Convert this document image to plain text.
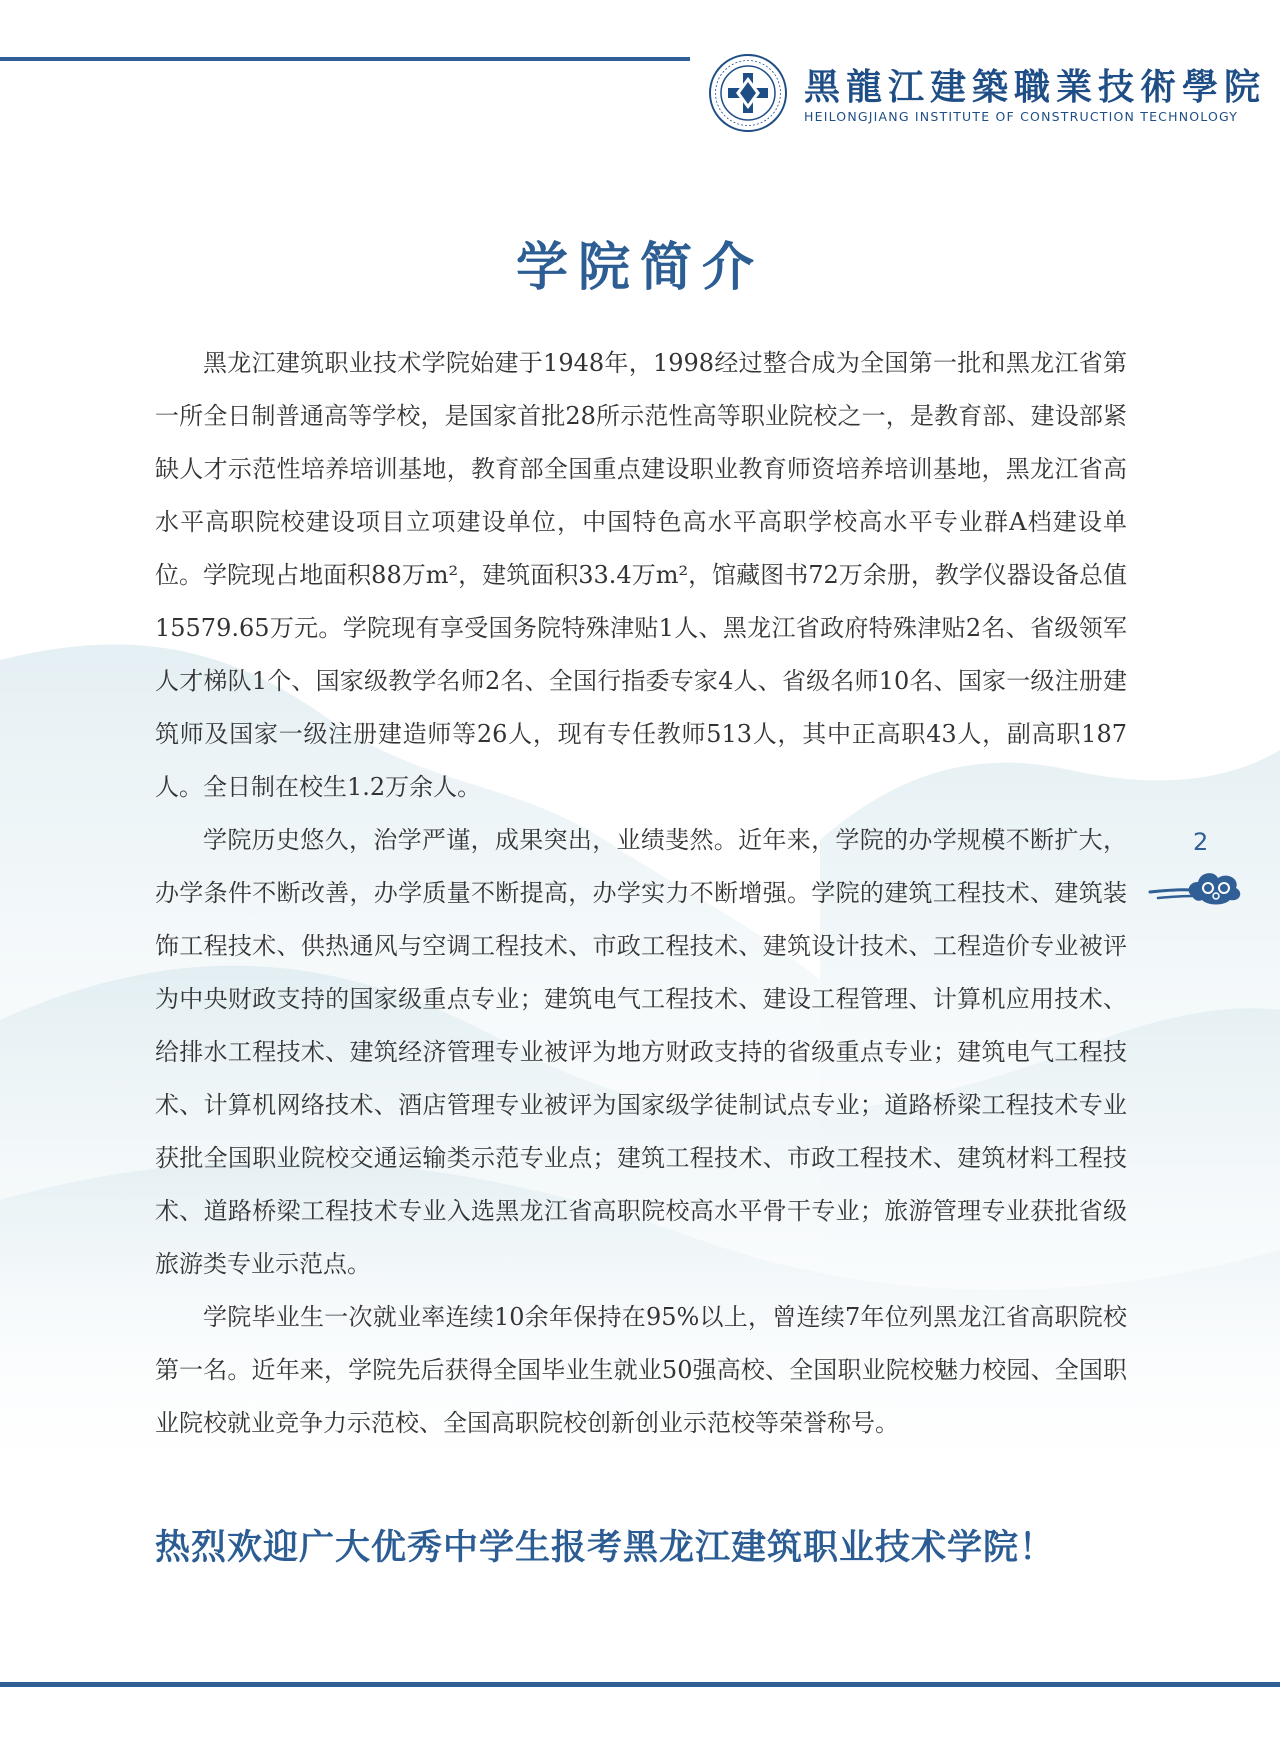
黑龍江建築職業技術學院
HEILONGJIANG INSTITUTE OF CONSTRUCTION TECHNOLOGY
学院简介

黑龙江建筑职业技术学院始建于1948年，1998经过整合成为全国第一批和黑龙江省第一所全日制普通高等学校，是国家首批28所示范性高等职业院校之一，是教育部、建设部紧缺人才示范性培养培训基地，教育部全国重点建设职业教育师资培养培训基地，黑龙江省高水平高职院校建设项目立项建设单位，中国特色高水平高职学校高水平专业群A档建设单位。学院现占地面积88万m²，建筑面积33.4万m²，馆藏图书72万余册，教学仪器设备总值15579.65万元。学院现有享受国务院特殊津贴1人、黑龙江省政府特殊津贴2名、省级领军人才梯队1个、国家级教学名师2名、全国行指委专家4人、省级名师10名、国家一级注册建筑师及国家一级注册建造师等26人，现有专任教师513人，其中正高职43人，副高职187人。全日制在校生1.2万余人。

学院历史悠久，治学严谨，成果突出，业绩斐然。近年来，学院的办学规模不断扩大，办学条件不断改善，办学质量不断提高，办学实力不断增强。学院的建筑工程技术、建筑装饰工程技术、供热通风与空调工程技术、市政工程技术、建筑设计技术、工程造价专业被评为中央财政支持的国家级重点专业；建筑电气工程技术、建设工程管理、计算机应用技术、给排水工程技术、建筑经济管理专业被评为地方财政支持的省级重点专业；建筑电气工程技术、计算机网络技术、酒店管理专业被评为国家级学徒制试点专业；道路桥梁工程技术专业获批全国职业院校交通运输类示范专业点；建筑工程技术、市政工程技术、建筑材料工程技术、道路桥梁工程技术专业入选黑龙江省高职院校高水平骨干专业；旅游管理专业获批省级旅游类专业示范点。

学院毕业生一次就业率连续10余年保持在95%以上，曾连续7年位列黑龙江省高职院校第一名。近年来，学院先后获得全国毕业生就业50强高校、全国职业院校魅力校园、全国职业院校就业竞争力示范校、全国高职院校创新创业示范校等荣誉称号。

热烈欢迎广大优秀中学生报考黑龙江建筑职业技术学院！
2
